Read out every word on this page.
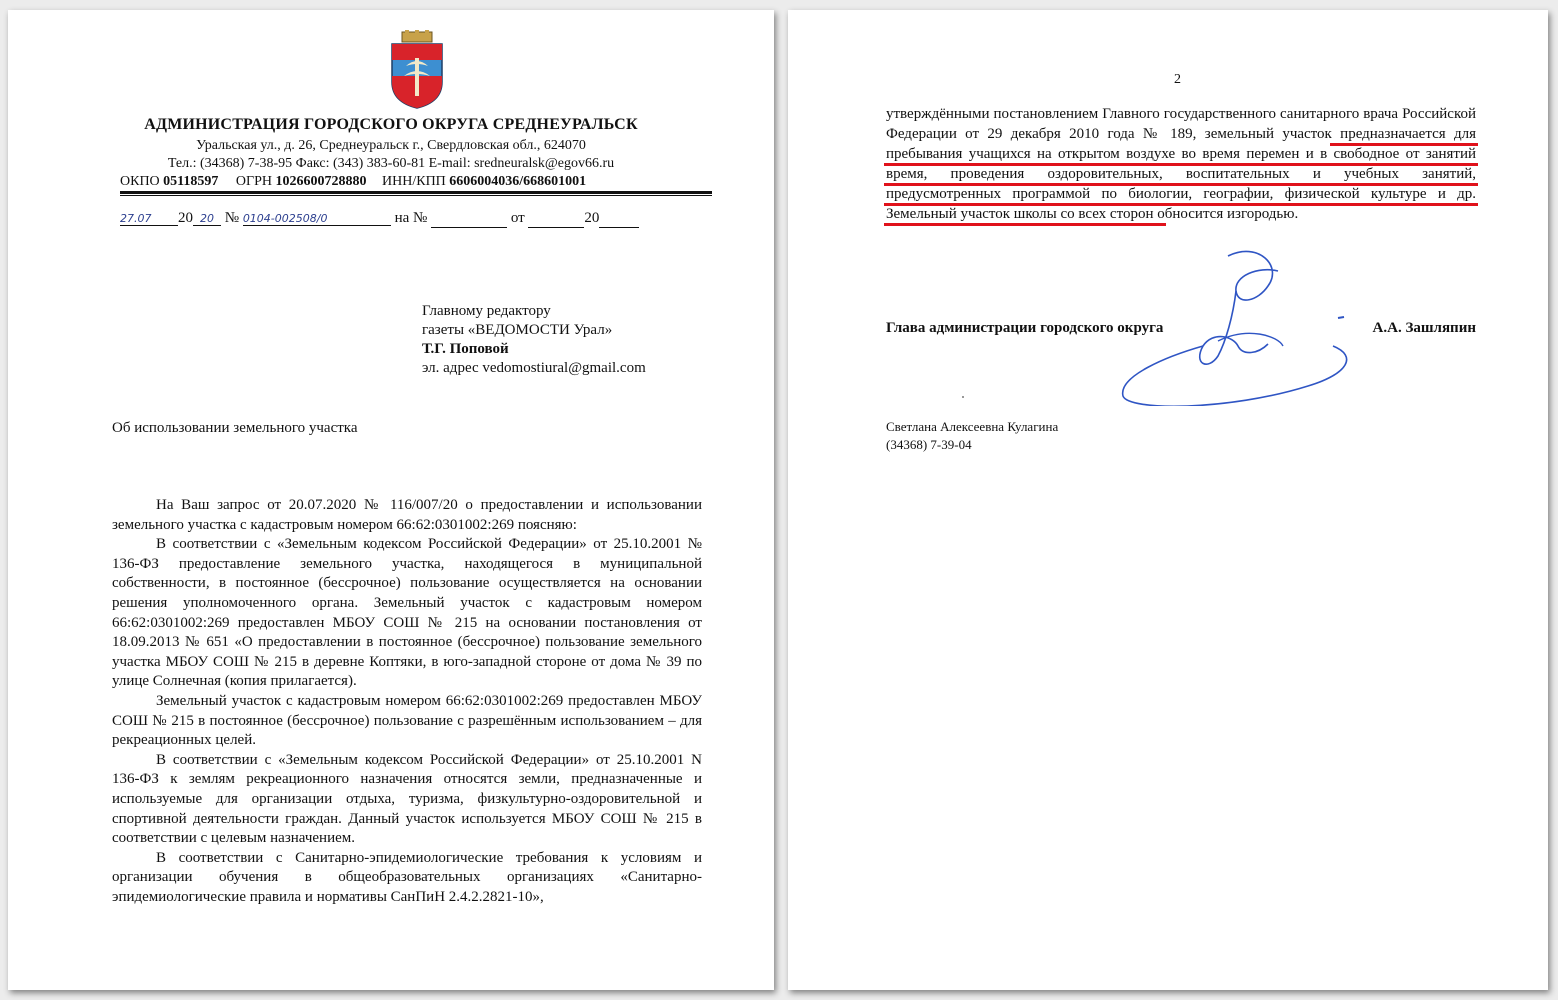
АДМИНИСТРАЦИЯ ГОРОДСКОГО ОКРУГА СРЕДНЕУРАЛЬСК
Уральская ул., д. 26, Среднеуральск г., Свердловская обл., 624070
Тел.: (34368) 7-38-95 Факс: (343) 383-60-81 E-mail: sredneuralsk@egov66.ru
ОКПО 05118597 ОГРН 1026600728880 ИНН/КПП 6606004036/668601001
27.07 20 20 № 0104-002508/0	на №	от	20
Главному редактору
газеты «ВЕДОМОСТИ Урал»
Т.Г. Поповой
эл. адрес vedomostiural@gmail.com
Об использовании земельного участка

На Ваш запрос от 20.07.2020 № 116/007/20 о предоставлении и использовании земельного участка с кадастровым номером 66:62:0301002:269 поясняю:

В соответствии с «Земельным кодексом Российской Федерации» от 25.10.2001 № 136-ФЗ предоставление земельного участка, находящегося в муниципальной собственности, в постоянное (бессрочное) пользование осуществляется на основании решения уполномоченного органа. Земельный участок с кадастровым номером 66:62:0301002:269 предоставлен МБОУ СОШ № 215 на основании постановления от 18.09.2013 № 651 «О предоставлении в постоянное (бессрочное) пользование земельного участка МБОУ СОШ № 215 в деревне Коптяки, в юго-западной стороне от дома № 39 по улице Солнечная (копия прилагается).

Земельный участок с кадастровым номером 66:62:0301002:269 предоставлен МБОУ СОШ № 215 в постоянное (бессрочное) пользование с разрешённым использованием – для рекреационных целей.

В соответствии с «Земельным кодексом Российской Федерации» от 25.10.2001 N 136-ФЗ к землям рекреационного назначения относятся земли, предназначенные и используемые для организации отдыха, туризма, физкультурно-оздоровительной и спортивной деятельности граждан. Данный участок используется МБОУ СОШ № 215 в соответствии с целевым назначением.

В соответствии с Санитарно-эпидемиологические требования к условиям и организации обучения в общеобразовательных организациях «Санитарно-эпидемиологические правила и нормативы СанПиН 2.4.2.2821-10»,

2
утверждёнными постановлением Главного государственного санитарного врача Российской Федерации от 29 декабря 2010 года № 189, земельный участок предназначается для пребывания учащихся на открытом воздухе во время перемен и в свободное от занятий время, проведения оздоровительных, воспитательных и учебных занятий, предусмотренных программой по биологии, географии, физической культуре и др. Земельный участок школы со всех сторон обносится изгородью.
Глава администрации городского округа	А.А. Зашляпин
Светлана Алексеевна Кулагина
(34368) 7-39-04
